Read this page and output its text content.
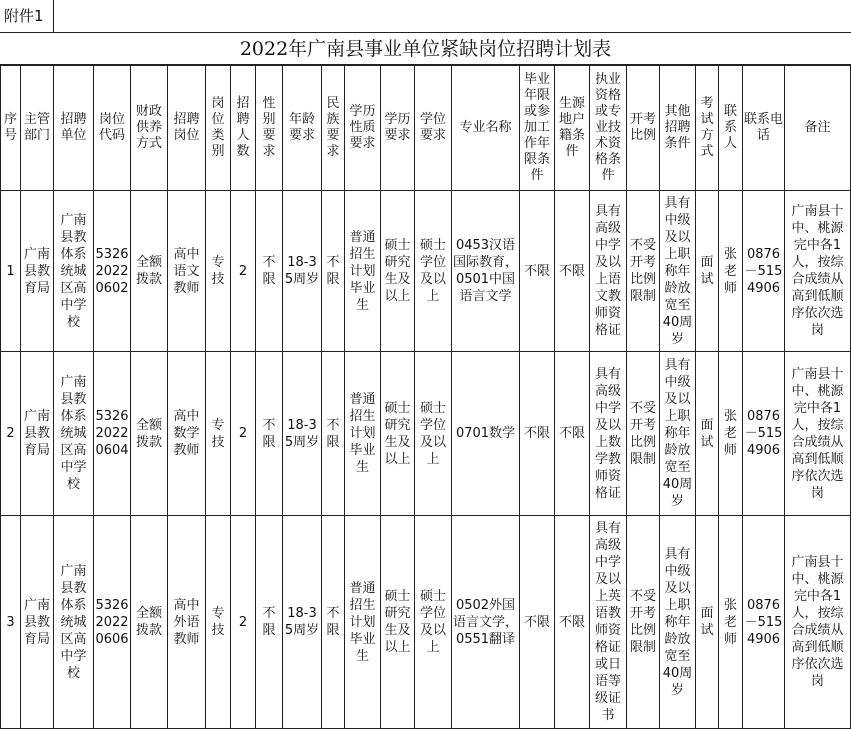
附件1
2022年广南县事业单位紧缺岗位招聘计划表
序号	主管部门	招聘单位	岗位代码	财政供养方式	招聘岗位	岗位类别	招聘人数	性别要求	年龄要求	民族要求	学历性质要求	学历要求	学位要求	专业名称	毕业年限或参加工作年限条件	生源地户籍条件	执业资格或专业技术资格条件	开考比例	其他招聘条件	考试方式	联系人	联系电话	备注
1	广南县教育局	广南县教体系统城区高中学校	5326 2022 0602	全额拨款	高中语文教师	专技	2	不限	18-35周岁	不限	普通招生计划毕业生	硕士研究生及以上	硕士学位及以上	0453汉语国际教育，0501中国语言文学	不限	不限	具有高级中学及以上语文教师资格证	不受开考比例限制	具有中级及以上职称年龄放宽至40周岁	面试	张老师	0876－5154906	广南县十中、桃源完中各1人，按综合成绩从高到低顺序依次选岗
2	广南县教育局	广南县教体系统城区高中学校	5326 2022 0604	全额拨款	高中数学教师	专技	2	不限	18-35周岁	不限	普通招生计划毕业生	硕士研究生及以上	硕士学位及以上	0701数学	不限	不限	具有高级中学及以上数学教师资格证	不受开考比例限制	具有中级及以上职称年龄放宽至40周岁	面试	张老师	0876－5154906	广南县十中、桃源完中各1人，按综合成绩从高到低顺序依次选岗
3	广南县教育局	广南县教体系统城区高中学校	5326 2022 0606	全额拨款	高中外语教师	专技	2	不限	18-35周岁	不限	普通招生计划毕业生	硕士研究生及以上	硕士学位及以上	0502外国语言文学，0551翻译	不限	不限	具有高级中学及以上英语教师资格证或日语等级证书	不受开考比例限制	具有中级及以上职称年龄放宽至40周岁	面试	张老师	0876－5154906	广南县十中、桃源完中各1人，按综合成绩从高到低顺序依次选岗
